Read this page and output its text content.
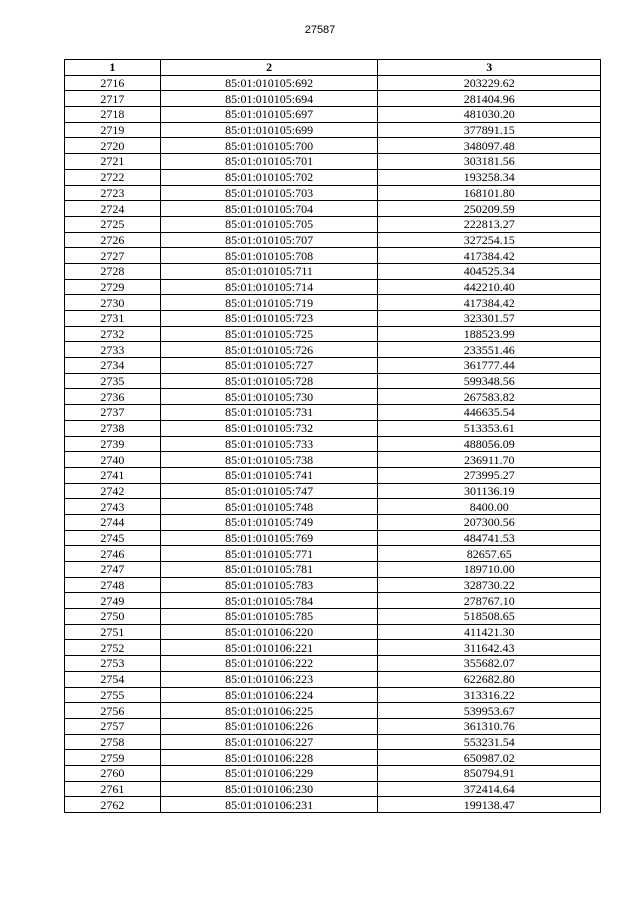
27587
1	2	3
2716	85:01:010105:692	203229.62
2717	85:01:010105:694	281404.96
2718	85:01:010105:697	481030.20
2719	85:01:010105:699	377891.15
2720	85:01:010105:700	348097.48
2721	85:01:010105:701	303181.56
2722	85:01:010105:702	193258.34
2723	85:01:010105:703	168101.80
2724	85:01:010105:704	250209.59
2725	85:01:010105:705	222813.27
2726	85:01:010105:707	327254.15
2727	85:01:010105:708	417384.42
2728	85:01:010105:711	404525.34
2729	85:01:010105:714	442210.40
2730	85:01:010105:719	417384.42
2731	85:01:010105:723	323301.57
2732	85:01:010105:725	188523.99
2733	85:01:010105:726	233551.46
2734	85:01:010105:727	361777.44
2735	85:01:010105:728	599348.56
2736	85:01:010105:730	267583.82
2737	85:01:010105:731	446635.54
2738	85:01:010105:732	513353.61
2739	85:01:010105:733	488056.09
2740	85:01:010105:738	236911.70
2741	85:01:010105:741	273995.27
2742	85:01:010105:747	301136.19
2743	85:01:010105:748	8400.00
2744	85:01:010105:749	207300.56
2745	85:01:010105:769	484741.53
2746	85:01:010105:771	82657.65
2747	85:01:010105:781	189710.00
2748	85:01:010105:783	328730.22
2749	85:01:010105:784	278767.10
2750	85:01:010105:785	518508.65
2751	85:01:010106:220	411421.30
2752	85:01:010106:221	311642.43
2753	85:01:010106:222	355682.07
2754	85:01:010106:223	622682.80
2755	85:01:010106:224	313316.22
2756	85:01:010106:225	539953.67
2757	85:01:010106:226	361310.76
2758	85:01:010106:227	553231.54
2759	85:01:010106:228	650987.02
2760	85:01:010106:229	850794.91
2761	85:01:010106:230	372414.64
2762	85:01:010106:231	199138.47
